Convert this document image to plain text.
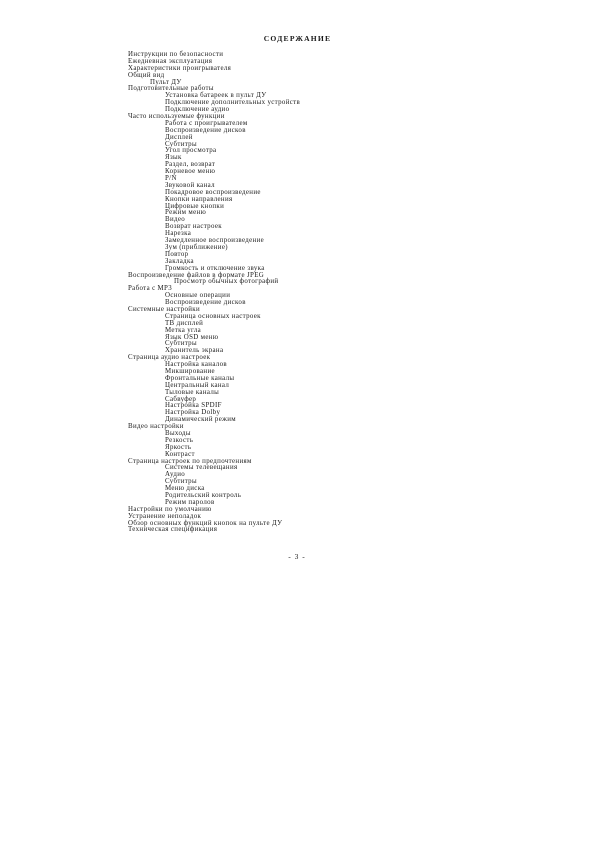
СОДЕРЖАНИЕ
Инструкции по безопасности
Ежедневная эксплуатация
Характеристики проигрывателя
Общий вид
Пульт ДУ
Подготовительные работы
Установка батареек в пульт ДУ
Подключение дополнительных устройств
Подключение аудио
Часто используемые функции
Работа с проигрывателем
Воспроизведение дисков
Дисплей
Субтитры
Угол просмотра
Язык
Раздел, возврат
Корневое меню
P/N
Звуковой канал
Покадровое воспроизведение
Кнопки направления
Цифровые кнопки
Режим меню
Видео
Возврат настроек
Нарезка
Замедленное воспроизведение
Зум (приближение)
Повтор
Закладка
Громкость и отключение звука
Воспроизведение файлов в формате JPEG
Просмотр обычных фотографий
Работа с MP3
Основные операции
Воспроизведение дисков
Системные настройки
Страница основных настроек
ТВ дисплей
Метка угла
Язык OSD меню
Субтитры
Хранитель экрана
Страница аудио настроек
Настройка каналов
Микширование
Фронтальные каналы
Центральный канал
Тыловые каналы
Сабвуфер
Настройка SPDIF
Настройка Dolby
Динамический режим
Видео настройки
Выходы
Резкость
Яркость
Контраст
Страница настроек по предпочтениям
Системы телевещания
Аудио
Субтитры
Меню диска
Родительский контроль
Режим паролов
Настройки по умолчанию
Устранение неполадок
Обзор основных функций кнопок на пульте ДУ
Техническая спецификация
- 3 -
